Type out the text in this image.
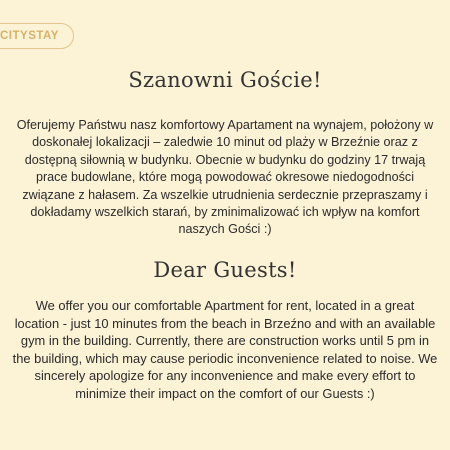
CITYSTAY
Szanowni Goście!
Oferujemy Państwu nasz komfortowy Apartament na wynajem, położony w
doskonałej lokalizacji – zaledwie 10 minut od plaży w Brzeźnie oraz z
dostępną siłownią w budynku. Obecnie w budynku do godziny 17 trwają
prace budowlane, które mogą powodować okresowe niedogodności
związane z hałasem. Za wszelkie utrudnienia serdecznie przepraszamy i
dokładamy wszelkich starań, by zminimalizować ich wpływ na komfort
naszych Gości :)
Dear Guests!
We offer you our comfortable Apartment for rent, located in a great
location - just 10 minutes from the beach in Brzeźno and with an available
gym in the building. Currently, there are construction works until 5 pm in
the building, which may cause periodic inconvenience related to noise. We
sincerely apologize for any inconvenience and make every effort to
minimize their impact on the comfort of our Guests :)
